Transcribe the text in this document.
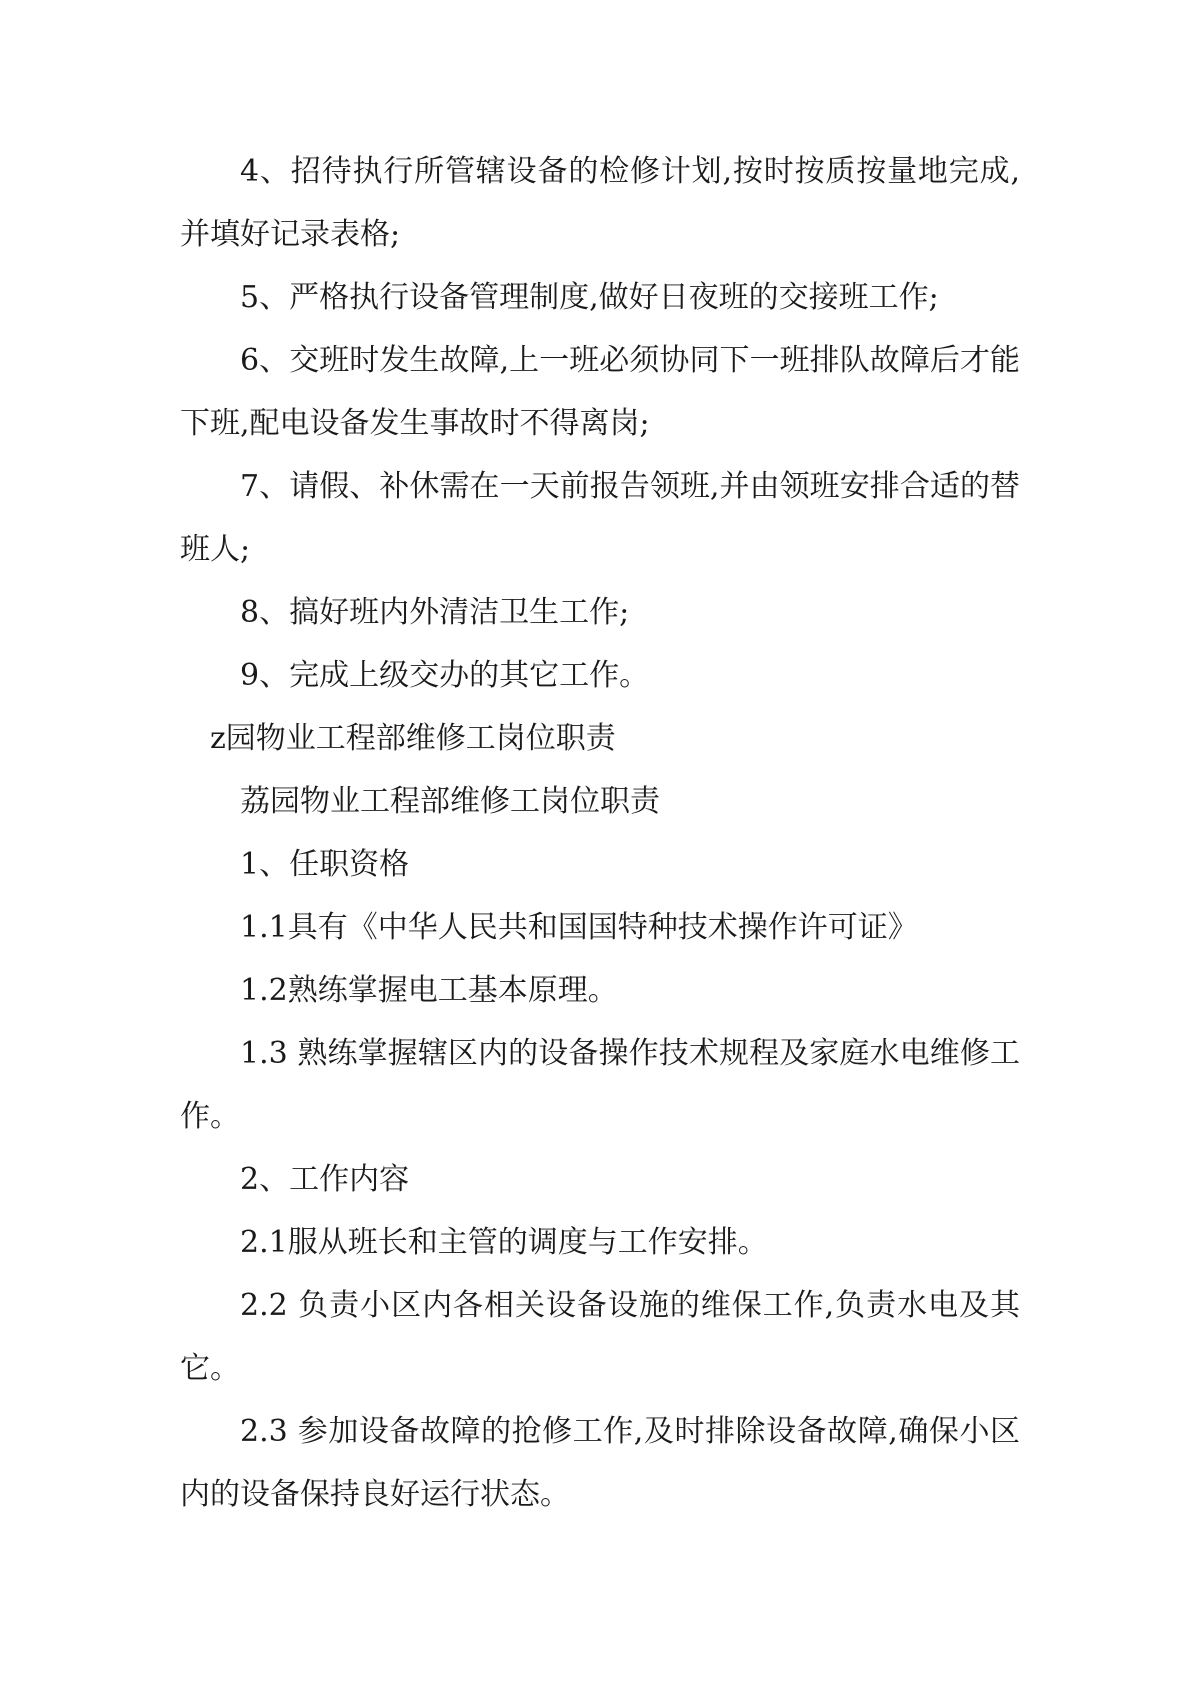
4、招待执行所管辖设备的检修计划,按时按质按量地完成,并填好记录表格;

5、严格执行设备管理制度,做好日夜班的交接班工作;

6、交班时发生故障,上一班必须协同下一班排队故障后才能下班,配电设备发生事故时不得离岗;

7、请假、补休需在一天前报告领班,并由领班安排合适的替班人;

8、搞好班内外清洁卫生工作;

9、完成上级交办的其它工作。

z园物业工程部维修工岗位职责

荔园物业工程部维修工岗位职责

1、任职资格

1.1具有《中华人民共和国国特种技术操作许可证》

1.2熟练掌握电工基本原理。

1.3 熟练掌握辖区内的设备操作技术规程及家庭水电维修工作。

2、工作内容

2.1服从班长和主管的调度与工作安排。

2.2 负责小区内各相关设备设施的维保工作,负责水电及其它。

2.3 参加设备故障的抢修工作,及时排除设备故障,确保小区内的设备保持良好运行状态。
